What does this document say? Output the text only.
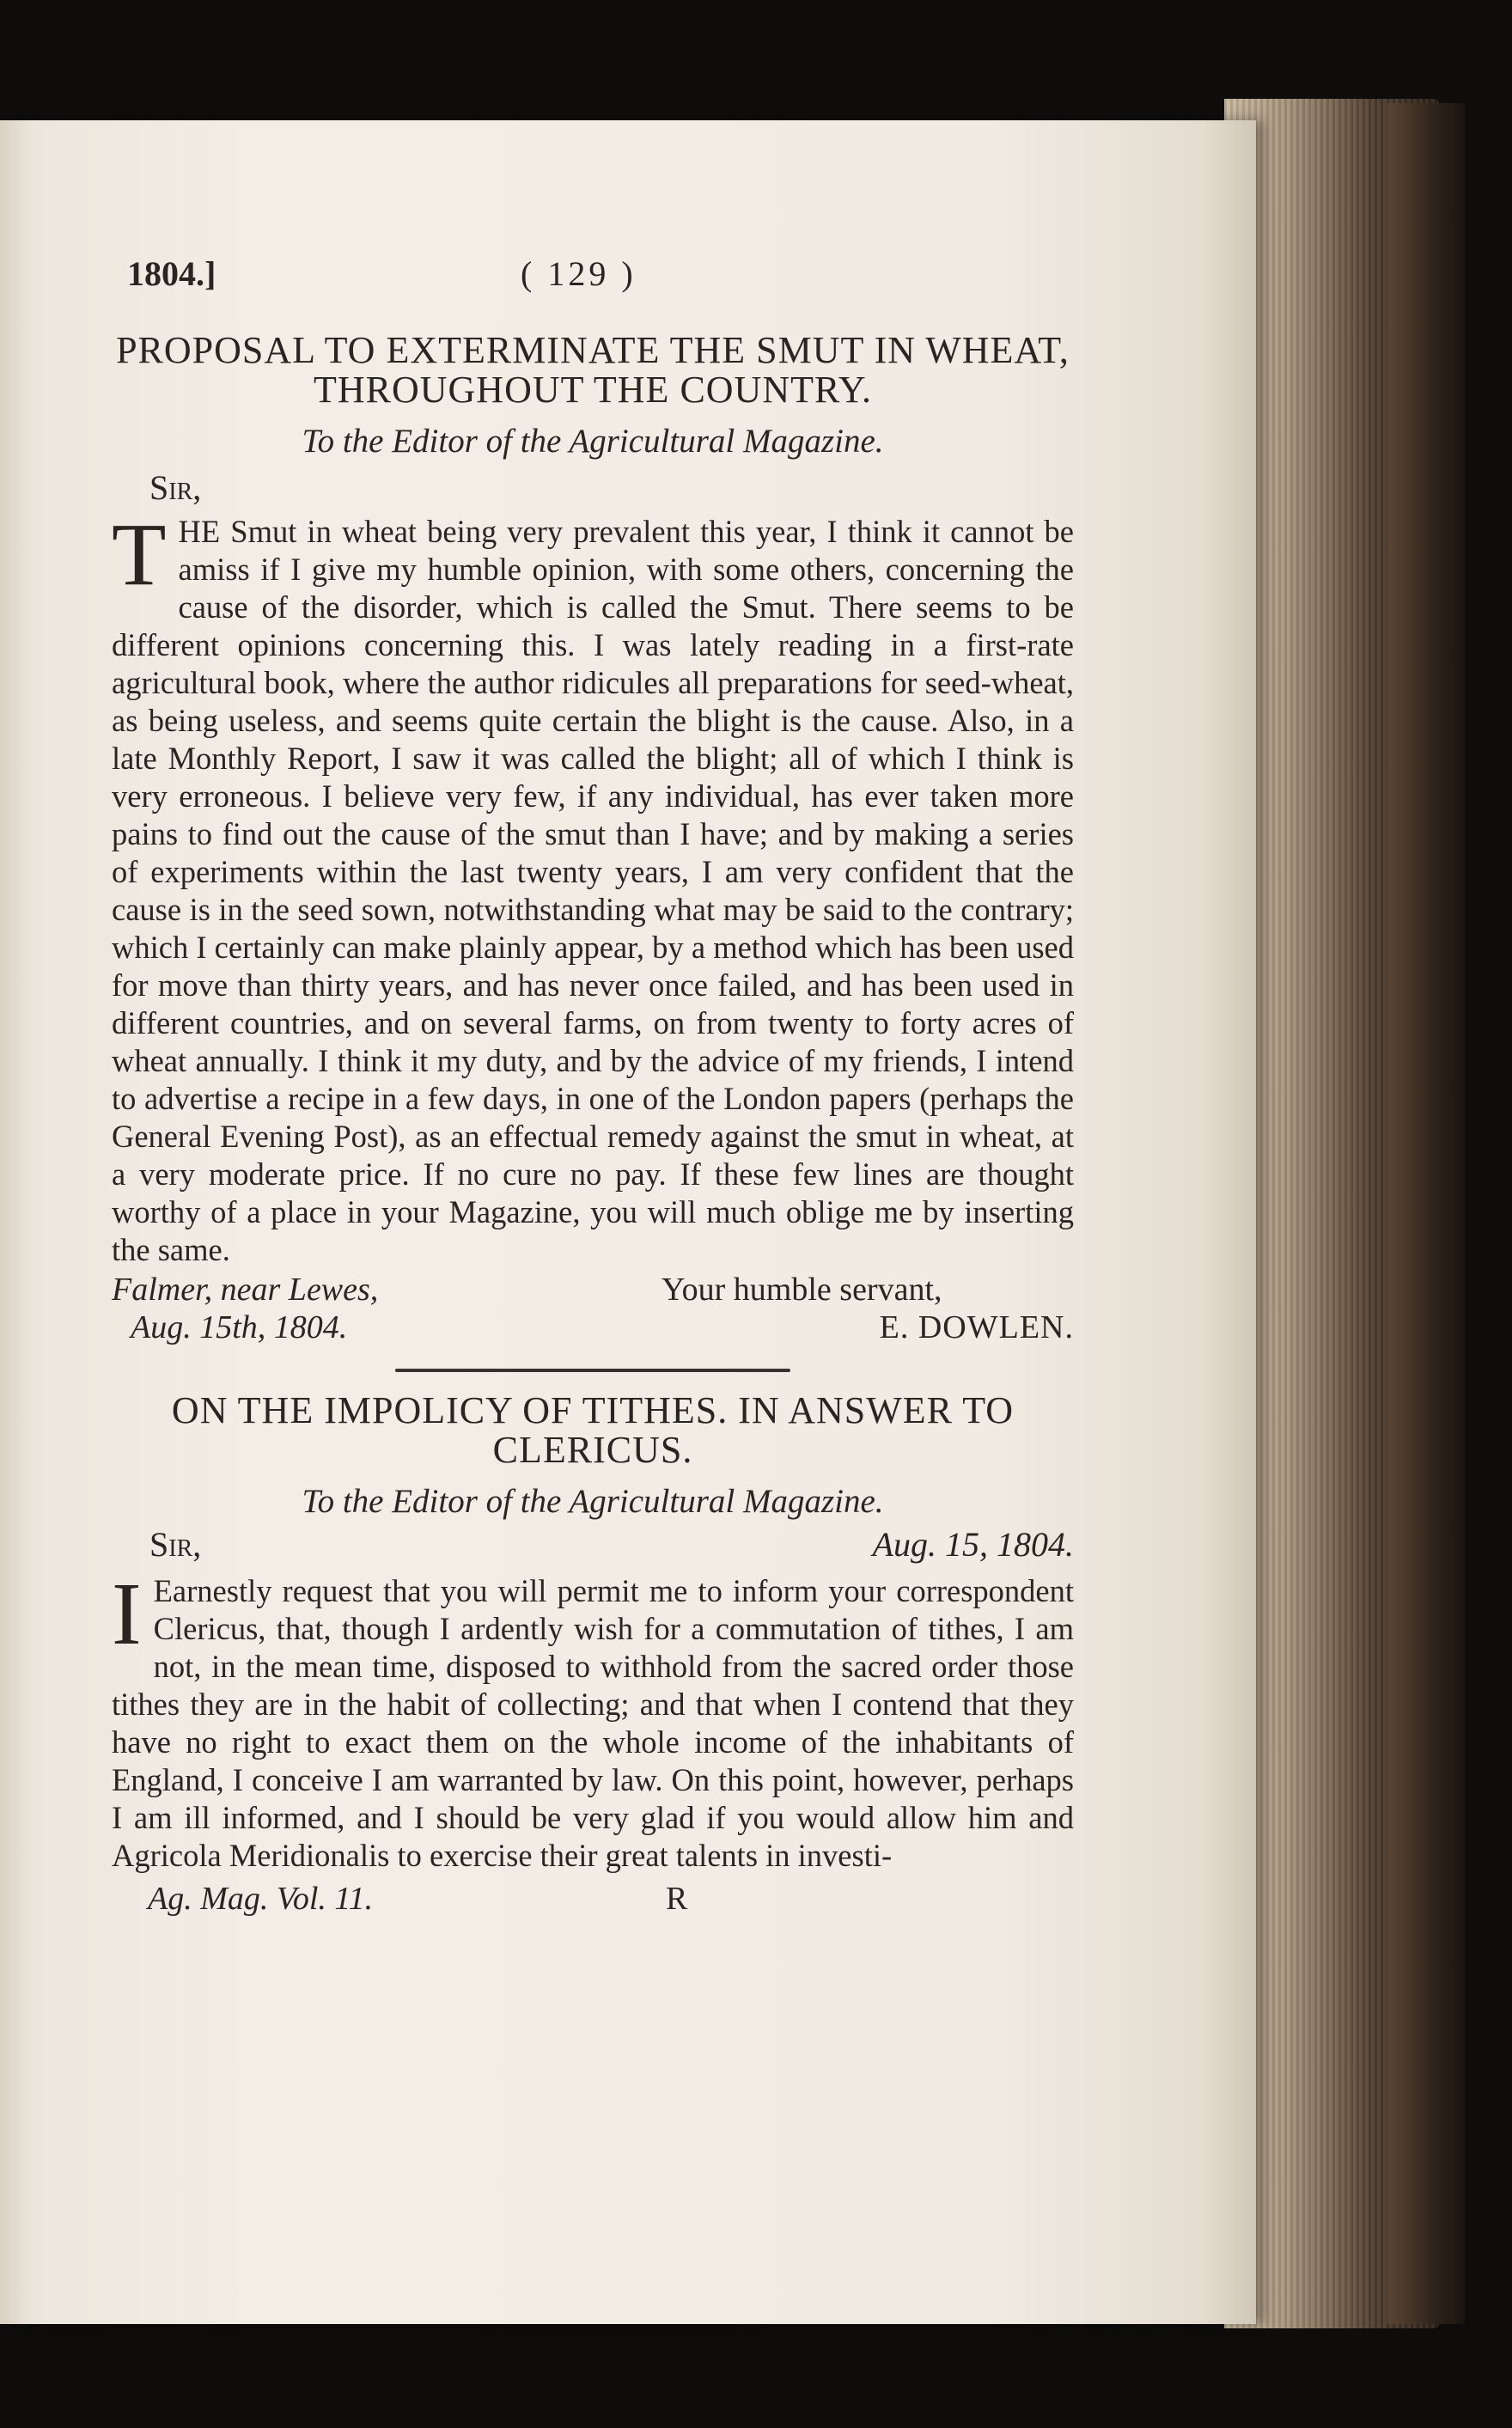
1804.]	( 129 )
PROPOSAL TO EXTERMINATE THE SMUT IN WHEAT, THROUGHOUT THE COUNTRY.
To the Editor of the Agricultural Magazine.
Sir,

THE Smut in wheat being very prevalent this year, I think it cannot be amiss if I give my humble opinion, with some others, concerning the cause of the disorder, which is called the Smut. There seems to be different opinions concerning this. I was lately reading in a first-rate agricultural book, where the author ridicules all preparations for seed-wheat, as being useless, and seems quite certain the blight is the cause. Also, in a late Monthly Report, I saw it was called the blight; all of which I think is very erroneous. I believe very few, if any individual, has ever taken more pains to find out the cause of the smut than I have; and by making a series of experiments within the last twenty years, I am very confident that the cause is in the seed sown, notwithstanding what may be said to the contrary; which I certainly can make plainly appear, by a method which has been used for move than thirty years, and has never once failed, and has been used in different countries, and on several farms, on from twenty to forty acres of wheat annually. I think it my duty, and by the advice of my friends, I intend to advertise a recipe in a few days, in one of the London papers (perhaps the General Evening Post), as an effectual remedy against the smut in wheat, at a very moderate price. If no cure no pay. If these few lines are thought worthy of a place in your Magazine, you will much oblige me by inserting the same.

Falmer, near Lewes,	Your humble servant,
Aug. 15th, 1804.	E. DOWLEN.
ON THE IMPOLICY OF TITHES. IN ANSWER TO CLERICUS.
To the Editor of the Agricultural Magazine.
Sir,	Aug. 15, 1804.

I Earnestly request that you will permit me to inform your correspondent Clericus, that, though I ardently wish for a commutation of tithes, I am not, in the mean time, disposed to withhold from the sacred order those tithes they are in the habit of collecting; and that when I contend that they have no right to exact them on the whole income of the inhabitants of England, I conceive I am warranted by law. On this point, however, perhaps I am ill informed, and I should be very glad if you would allow him and Agricola Meridionalis to exercise their great talents in investi-

Ag. Mag. Vol. 11.	R
